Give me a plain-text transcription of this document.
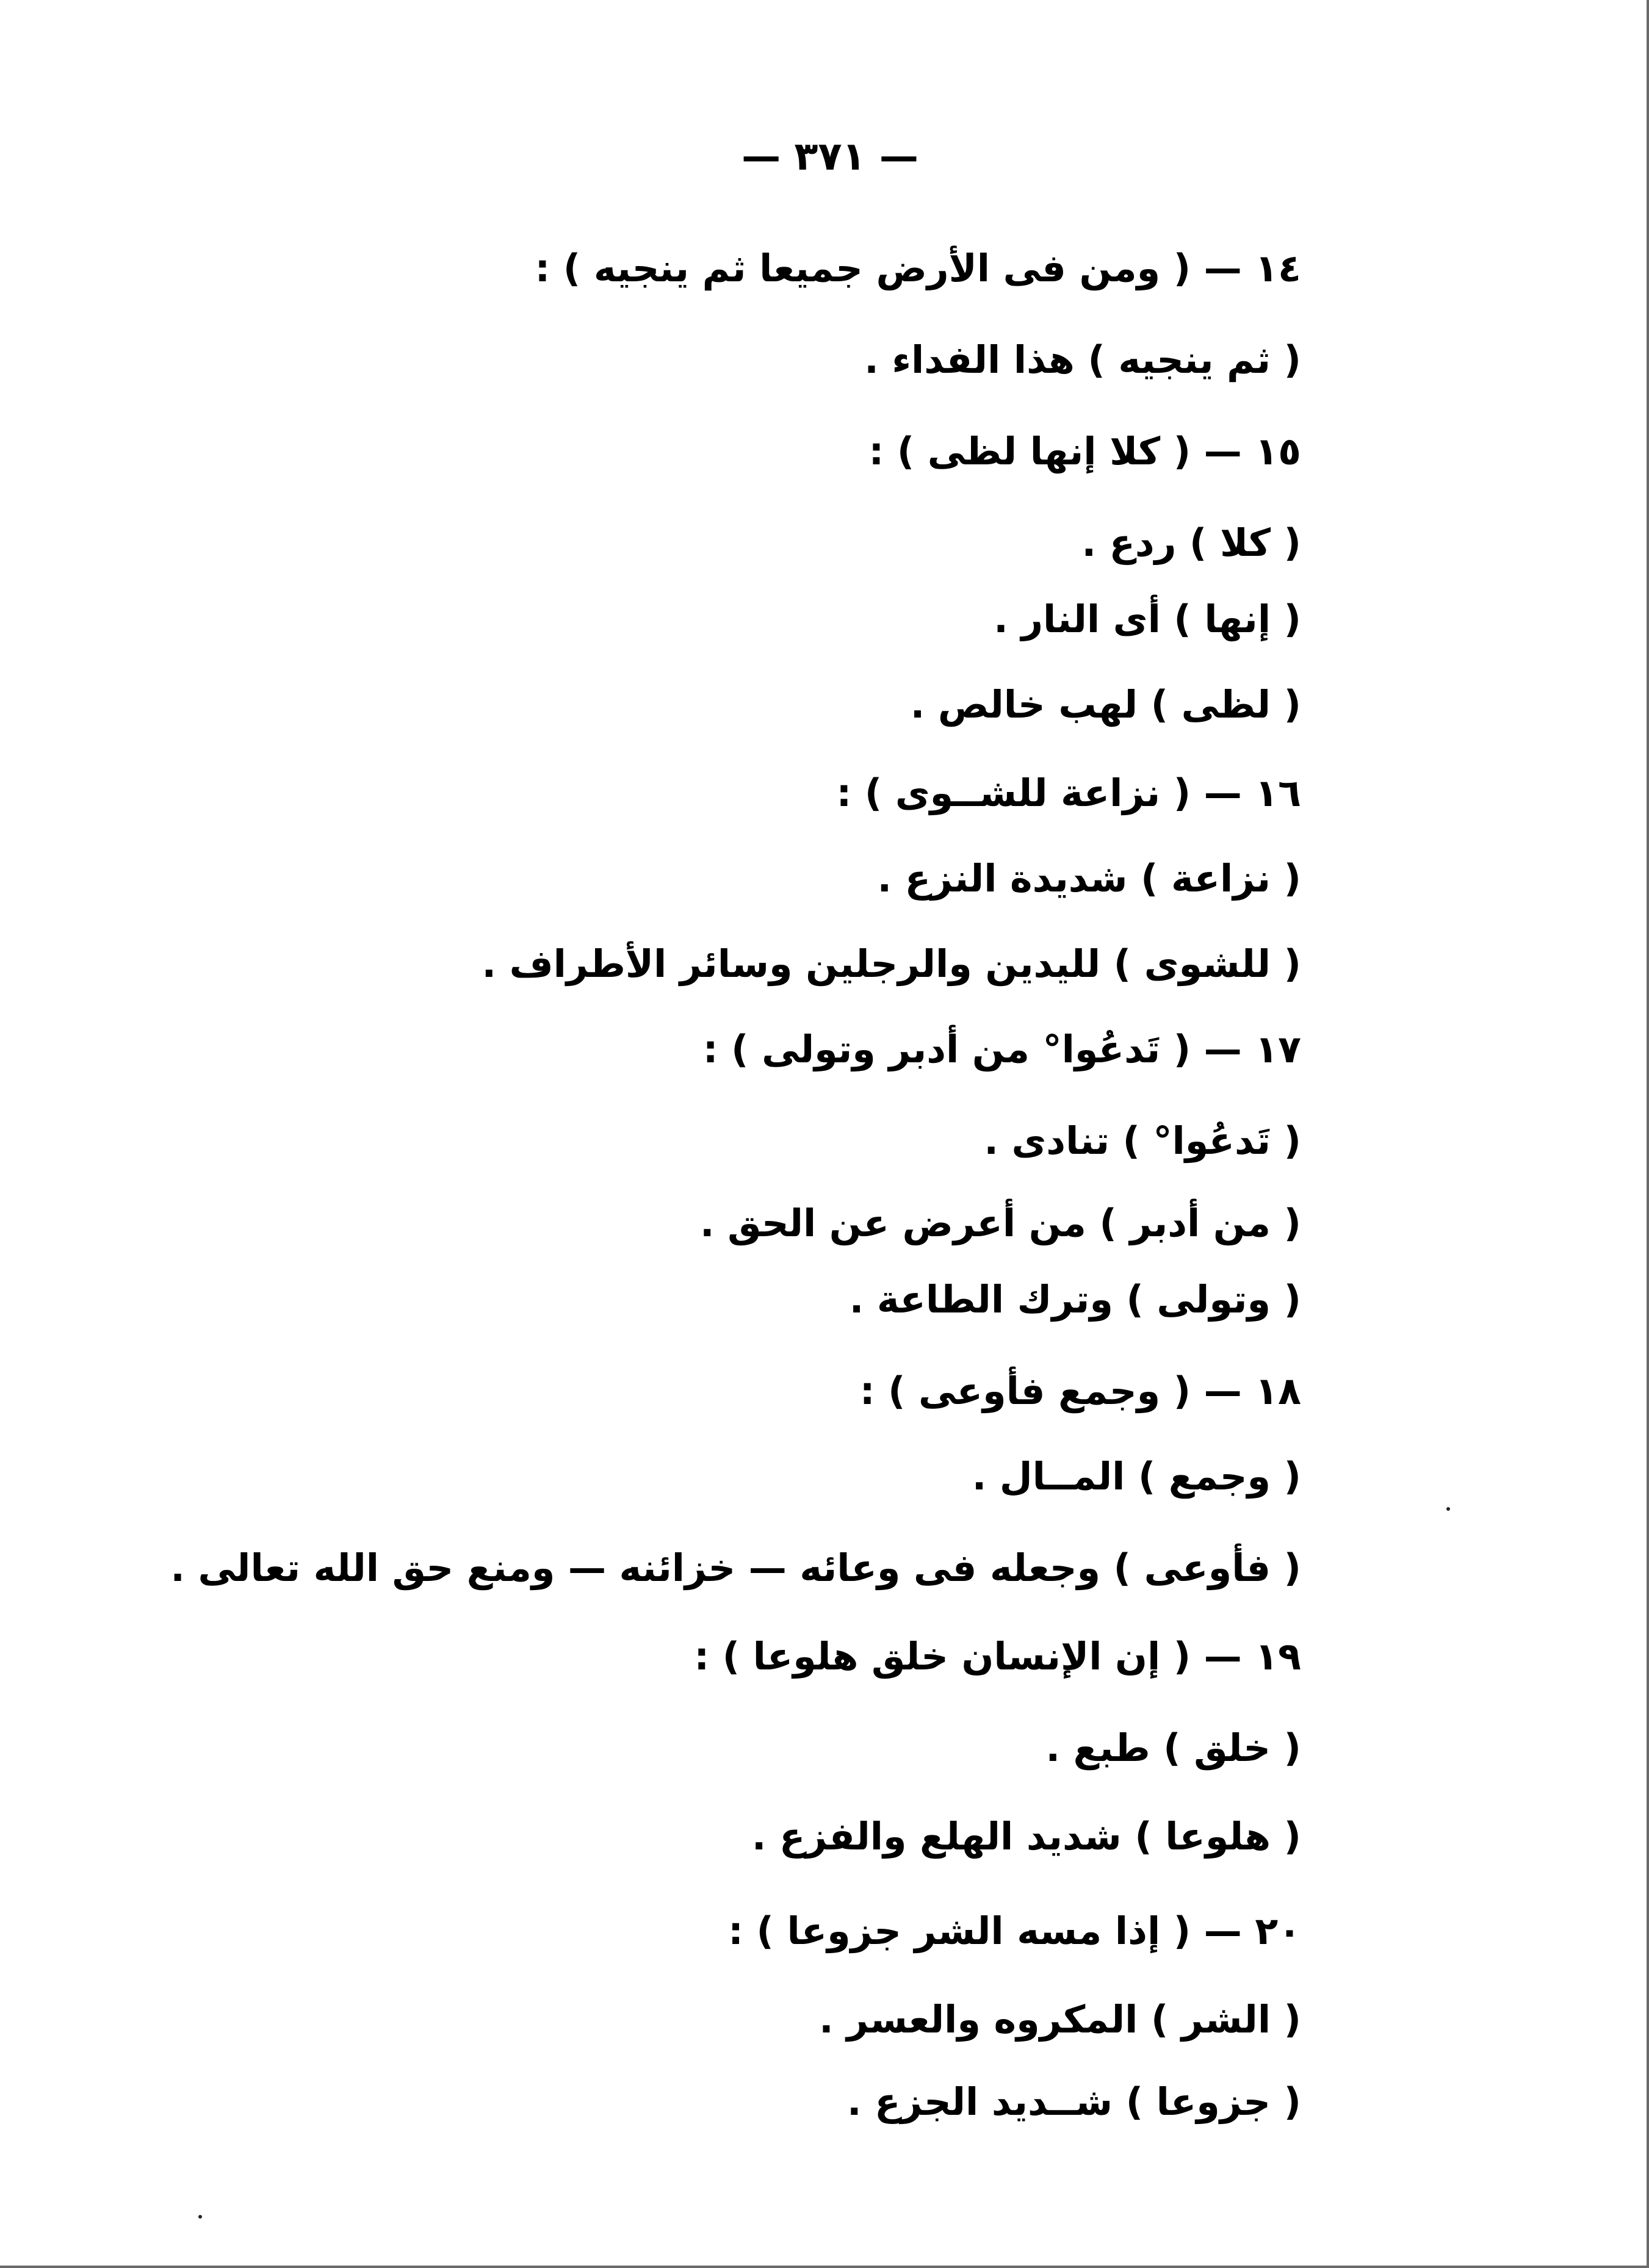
— ٣٧١ —
١٤ — ( ومن فى الأرض جميعا ثم ينجيه ) :
( ثم ينجيه ) هذا الفداء .
١٥ — ( كلا إنها لظى ) :
( كلا ) ردع .
( إنها ) أى النار .
( لظى ) لهب خالص .
١٦ — ( نزاعة للشــوى ) :
( نزاعة ) شديدة النزع .
( للشوى ) لليدين والرجلين وسائر الأطراف .
١٧ — ( تَدعُوا° من أدبر وتولى ) :
( تَدعُوا° ) تنادى .
( من أدبر ) من أعرض عن الحق .
( وتولى ) وترك الطاعة .
١٨ — ( وجمع فأوعى ) :
( وجمع ) المــال .
( فأوعى ) وجعله فى وعائه — خزائنه — ومنع حق الله تعالى .
١٩ — ( إن الإنسان خلق هلوعا ) :
( خلق ) طبع .
( هلوعا ) شديد الهلع والفزع .
٢٠ — ( إذا مسه الشر جزوعا ) :
( الشر ) المكروه والعسر .
( جزوعا ) شــديد الجزع .
